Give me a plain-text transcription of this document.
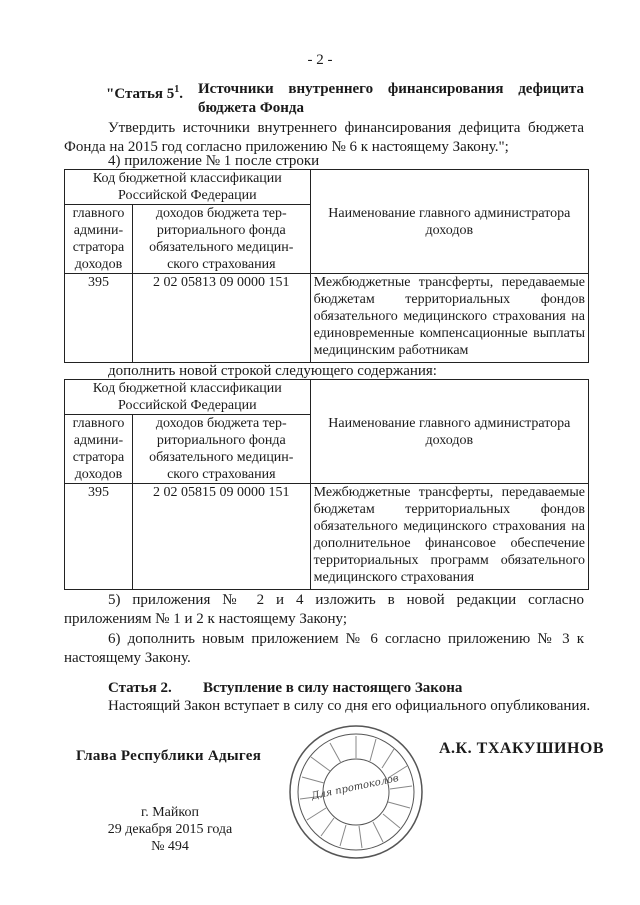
- 2 -
"Статья $5^1$. Источники внутреннего финансирования дефицита
бюджета Фонда
Утвердить источники внутреннего финансирования дефицита бюджета Фонда на 2015 год согласно приложению № 6 к настоящему Закону.";
4) приложение № 1 после строки
Код бюджетной классификации Российской Федерации		Наименование главного администратора доходов
главного админи-стратора доходов	доходов бюджета тер-риториального фонда обязательного медицин-ского страхования	
395	2 02 05813 09 0000 151	Межбюджетные трансферты, передаваемые бюджетам территориальных фондов обязательного медицинского страхования на единовременные компенсационные выплаты медицинским работникам
дополнить новой строкой следующего содержания:
Код бюджетной классификации Российской Федерации		Наименование главного администратора доходов
главного админи-стратора доходов	доходов бюджета тер-риториального фонда обязательного медицин-ского страхования	
395	2 02 05815 09 0000 151	Межбюджетные трансферты, передаваемые бюджетам территориальных фондов обязательного медицинского страхования на дополнительное финансовое обеспечение территориальных программ обязательного медицинского страхования
5) приложения № 2 и 4 изложить в новой редакции согласно приложениям № 1 и 2 к настоящему Закону;
6) дополнить новым приложением № 6 согласно приложению № 3 к настоящему Закону.
Статья 2. Вступление в силу настоящего Закона
Настоящий Закон вступает в силу со дня его официального опубликования.
Глава Республики Адыгея	А.К. ТХАКУШИНОВ
г. Майкоп
29 декабря 2015 года
№ 494
Для протоколов
